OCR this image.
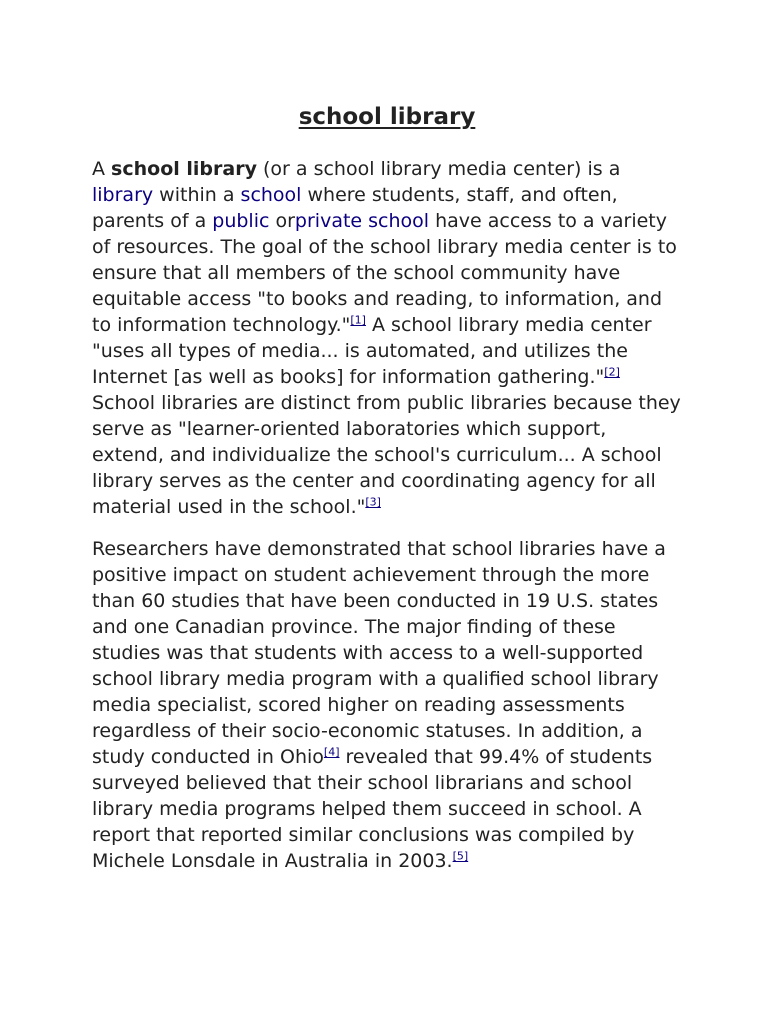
school library

A school library (or a school library media center) is a library within a school where students, staff, and often, parents of a public orprivate school have access to a variety of resources. The goal of the school library media center is to ensure that all members of the school community have equitable access "to books and reading, to information, and to information technology."[1] A school library media center "uses all types of media... is automated, and utilizes the Internet [as well as books] for information gathering."[2] School libraries are distinct from public libraries because they serve as "learner-oriented laboratories which support, extend, and individualize the school's curriculum... A school library serves as the center and coordinating agency for all material used in the school."[3]

Researchers have demonstrated that school libraries have a positive impact on student achievement through the more than 60 studies that have been conducted in 19 U.S. states and one Canadian province. The major finding of these studies was that students with access to a well-supported school library media program with a qualified school library media specialist, scored higher on reading assessments regardless of their socio-economic statuses. In addition, a study conducted in Ohio[4] revealed that 99.4% of students surveyed believed that their school librarians and school library media programs helped them succeed in school. A report that reported similar conclusions was compiled by Michele Lonsdale in Australia in 2003.[5]
